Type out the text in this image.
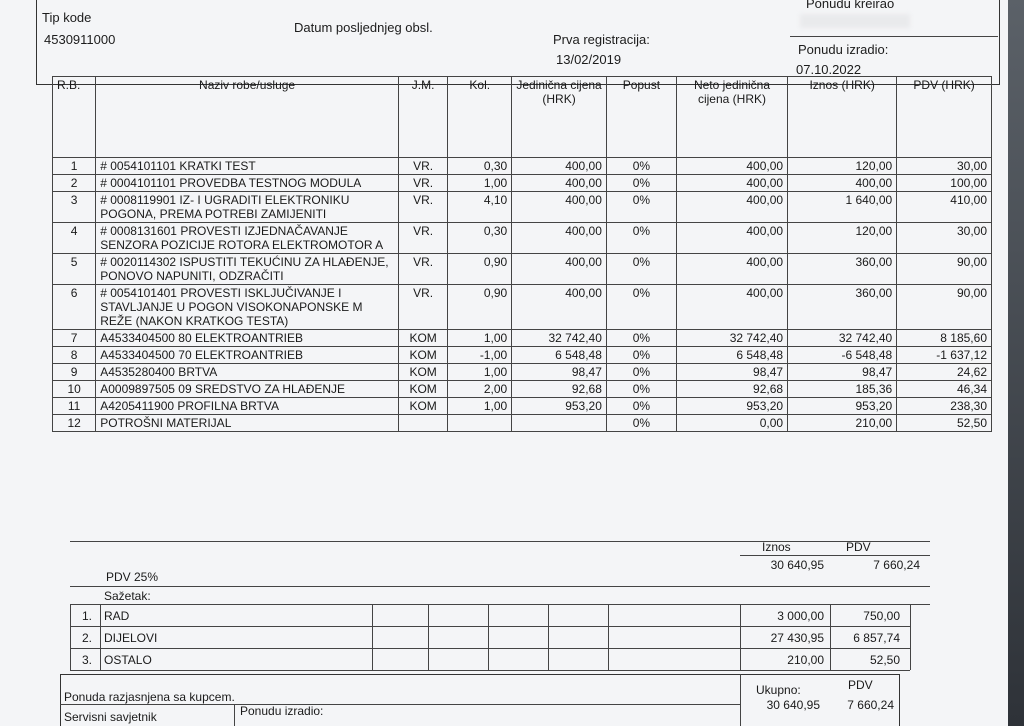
Tip kode
4530911000
Datum posljednjeg obsl.
Prva registracija:
13/02/2019
Ponudu kreirao
Ponudu izradio:
07.10.2022
R.B.	Naziv robe/usluge	J.M.	Kol.	Jedinična cijena (HRK)	Popust	Neto jedinična cijena (HRK)	Iznos (HRK)	PDV (HRK)
1	# 0054101101 KRATKI TEST	VR.	0,30	400,00	0%	400,00	120,00	30,00
2	# 0004101101 PROVEDBA TESTNOG MODULA	VR.	1,00	400,00	0%	400,00	400,00	100,00
3	# 0008119901 IZ- I UGRADITI ELEKTRONIKU POGONA, PREMA POTREBI ZAMIJENITI	VR.	4,10	400,00	0%	400,00	1 640,00	410,00
4	# 0008131601 PROVESTI IZJEDNAČAVANJE SENZORA POZICIJE ROTORA ELEKTROMOTOR A	VR.	0,30	400,00	0%	400,00	120,00	30,00
5	# 0020114302 ISPUSTITI TEKUĆINU ZA HLAĐENJE, PONOVO NAPUNITI, ODZRAČITI	VR.	0,90	400,00	0%	400,00	360,00	90,00
6	# 0054101401 PROVESTI ISKLJUČIVANJE I STAVLJANJE U POGON VISOKONAPONSKE M REŽE (NAKON KRATKOG TESTA)	VR.	0,90	400,00	0%	400,00	360,00	90,00
7	A4533404500 80 ELEKTROANTRIEB	KOM	1,00	32 742,40	0%	32 742,40	32 742,40	8 185,60
8	A4533404500 70 ELEKTROANTRIEB	KOM	-1,00	6 548,48	0%	6 548,48	-6 548,48	-1 637,12
9	A4535280400 BRTVA	KOM	1,00	98,47	0%	98,47	98,47	24,62
10	A0009897505 09 SREDSTVO ZA HLAĐENJE	KOM	2,00	92,68	0%	92,68	185,36	46,34
11	A4205411900 PROFILNA BRTVA	KOM	1,00	953,20	0%	953,20	953,20	238,30
12	POTROŠNI MATERIJAL				0%	0,00	210,00	52,50
Iznos	PDV
30 640,95	7 660,24
PDV 25%
Sažetak:
1. RAD	3 000,00	750,00
2. DIJELOVI	27 430,95	6 857,74
3. OSTALO	210,00	52,50
Ponuda razjasnjena sa kupcem.
Servisni savjetnik	Ponudu izradio:
Ukupno:	PDV
30 640,95	7 660,24
